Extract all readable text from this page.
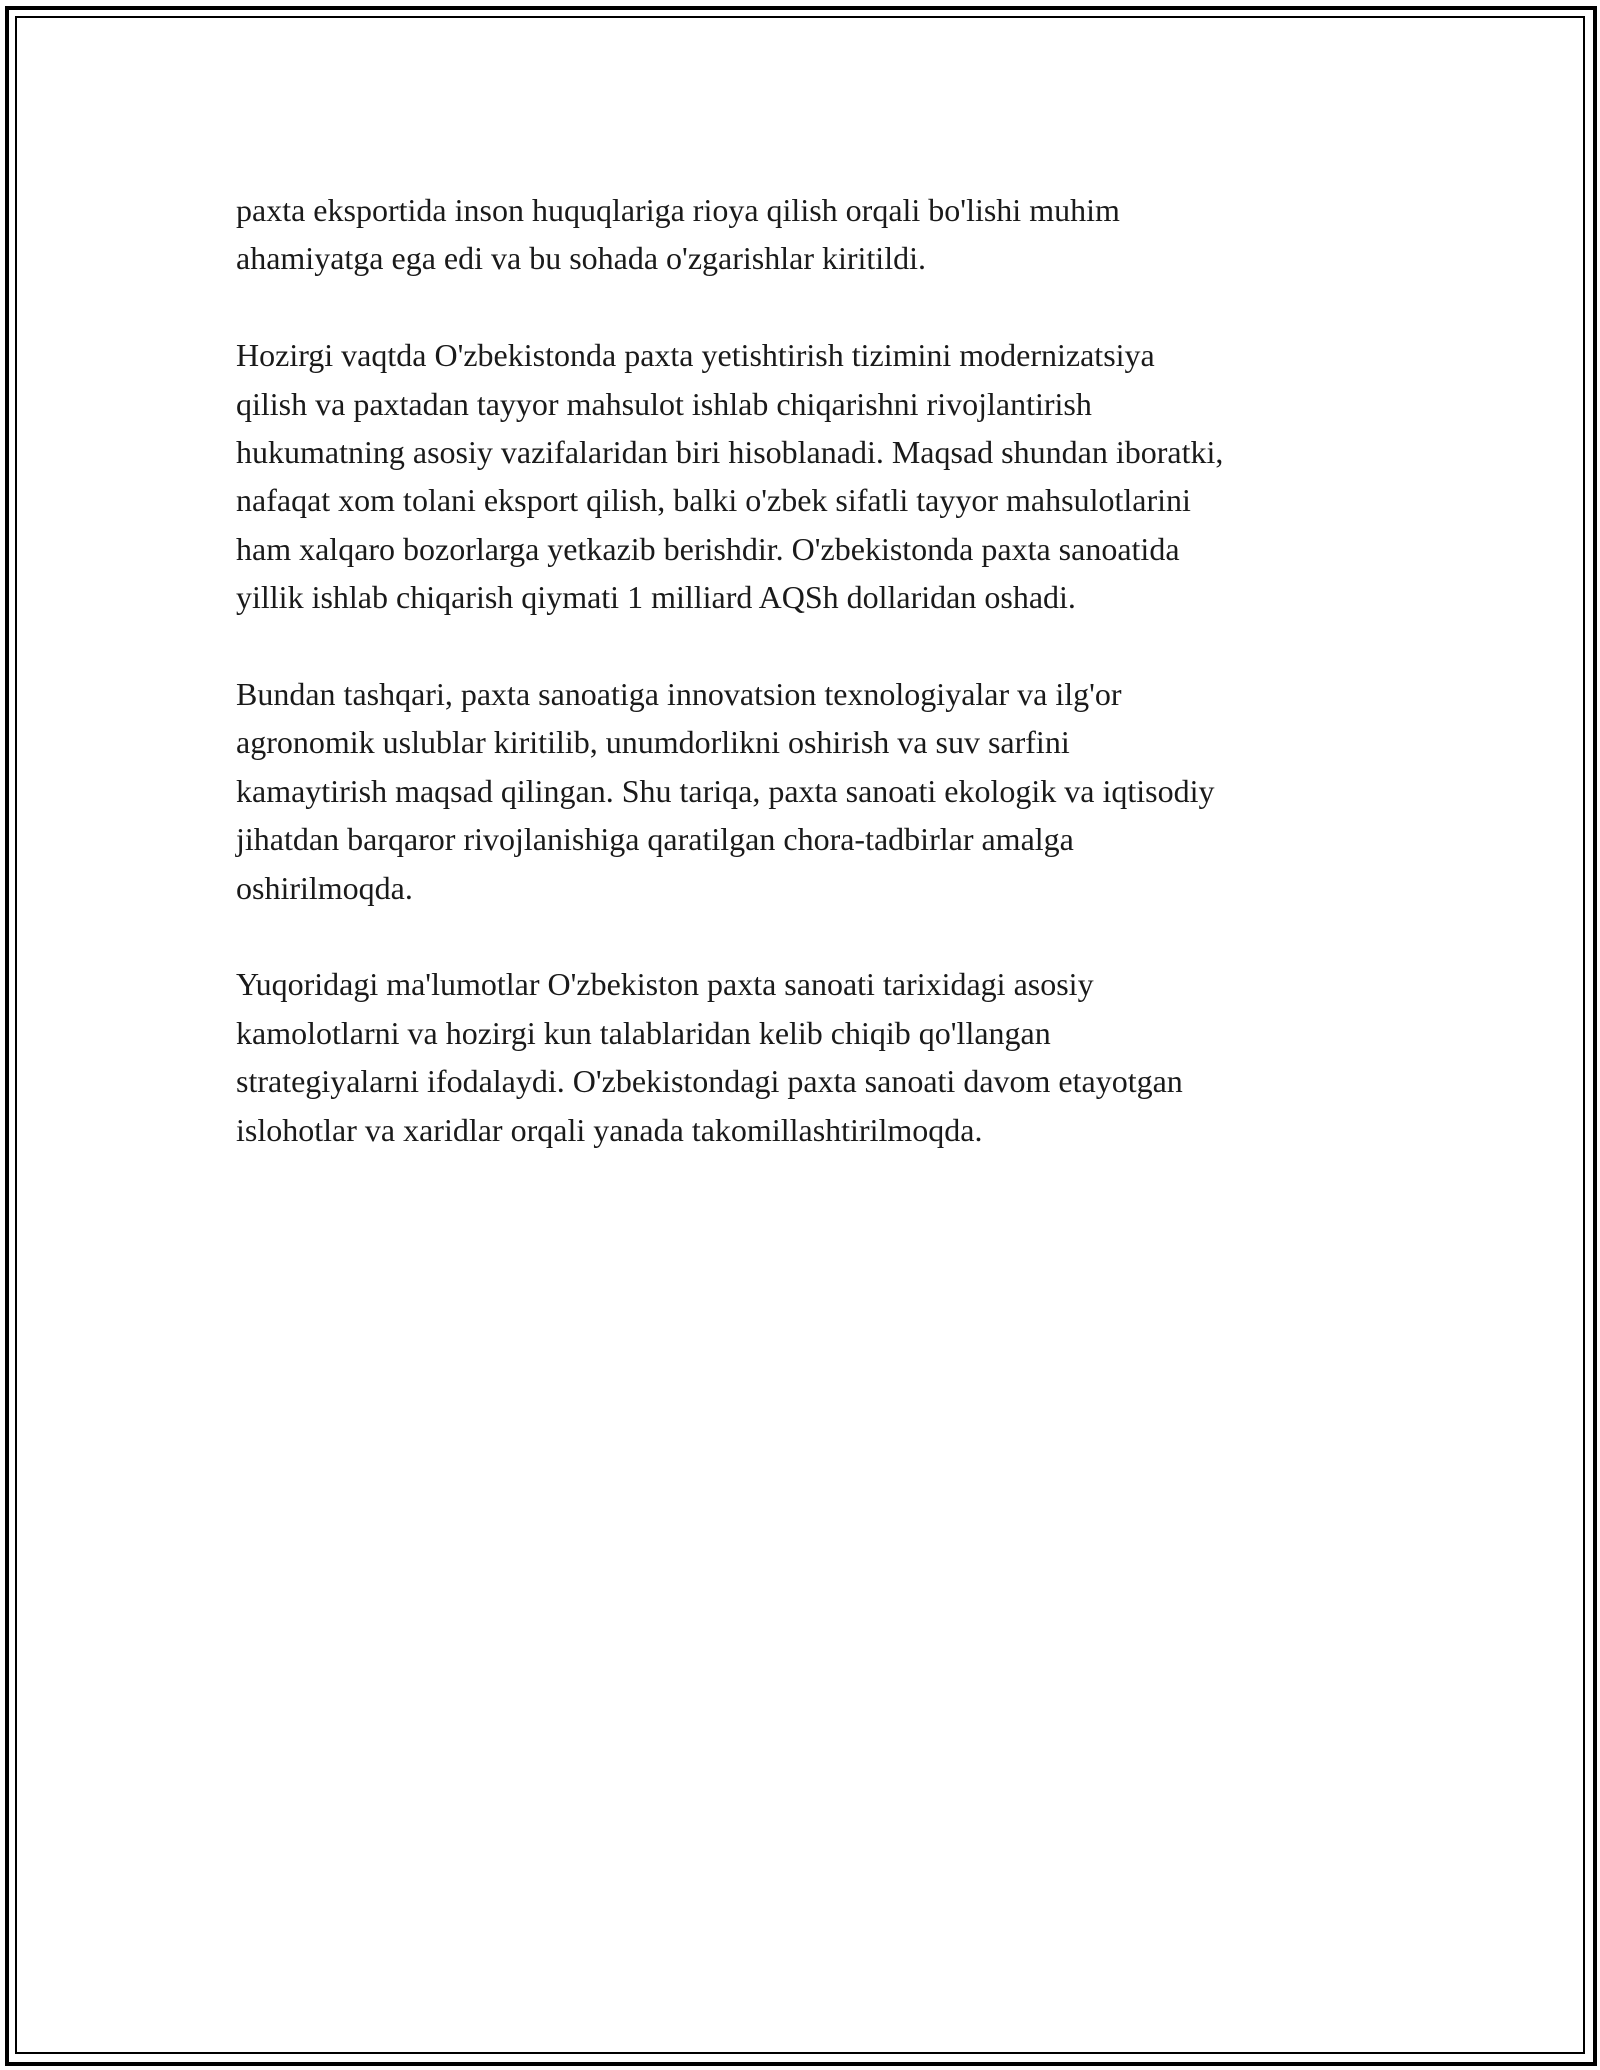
paxta eksportida inson huquqlariga rioya qilish orqali bo'lishi muhim
ahamiyatga ega edi va bu sohada o'zgarishlar kiritildi.

Hozirgi vaqtda O'zbekistonda paxta yetishtirish tizimini modernizatsiya
qilish va paxtadan tayyor mahsulot ishlab chiqarishni rivojlantirish
hukumatning asosiy vazifalaridan biri hisoblanadi. Maqsad shundan iboratki,
nafaqat xom tolani eksport qilish, balki o'zbek sifatli tayyor mahsulotlarini
ham xalqaro bozorlarga yetkazib berishdir. O'zbekistonda paxta sanoatida
yillik ishlab chiqarish qiymati 1 milliard AQSh dollaridan oshadi.

Bundan tashqari, paxta sanoatiga innovatsion texnologiyalar va ilg'or
agronomik uslublar kiritilib, unumdorlikni oshirish va suv sarfini
kamaytirish maqsad qilingan. Shu tariqa, paxta sanoati ekologik va iqtisodiy
jihatdan barqaror rivojlanishiga qaratilgan chora-tadbirlar amalga
oshirilmoqda.

Yuqoridagi ma'lumotlar O'zbekiston paxta sanoati tarixidagi asosiy
kamolotlarni va hozirgi kun talablaridan kelib chiqib qo'llangan
strategiyalarni ifodalaydi. O'zbekistondagi paxta sanoati davom etayotgan
islohotlar va xaridlar orqali yanada takomillashtirilmoqda.
